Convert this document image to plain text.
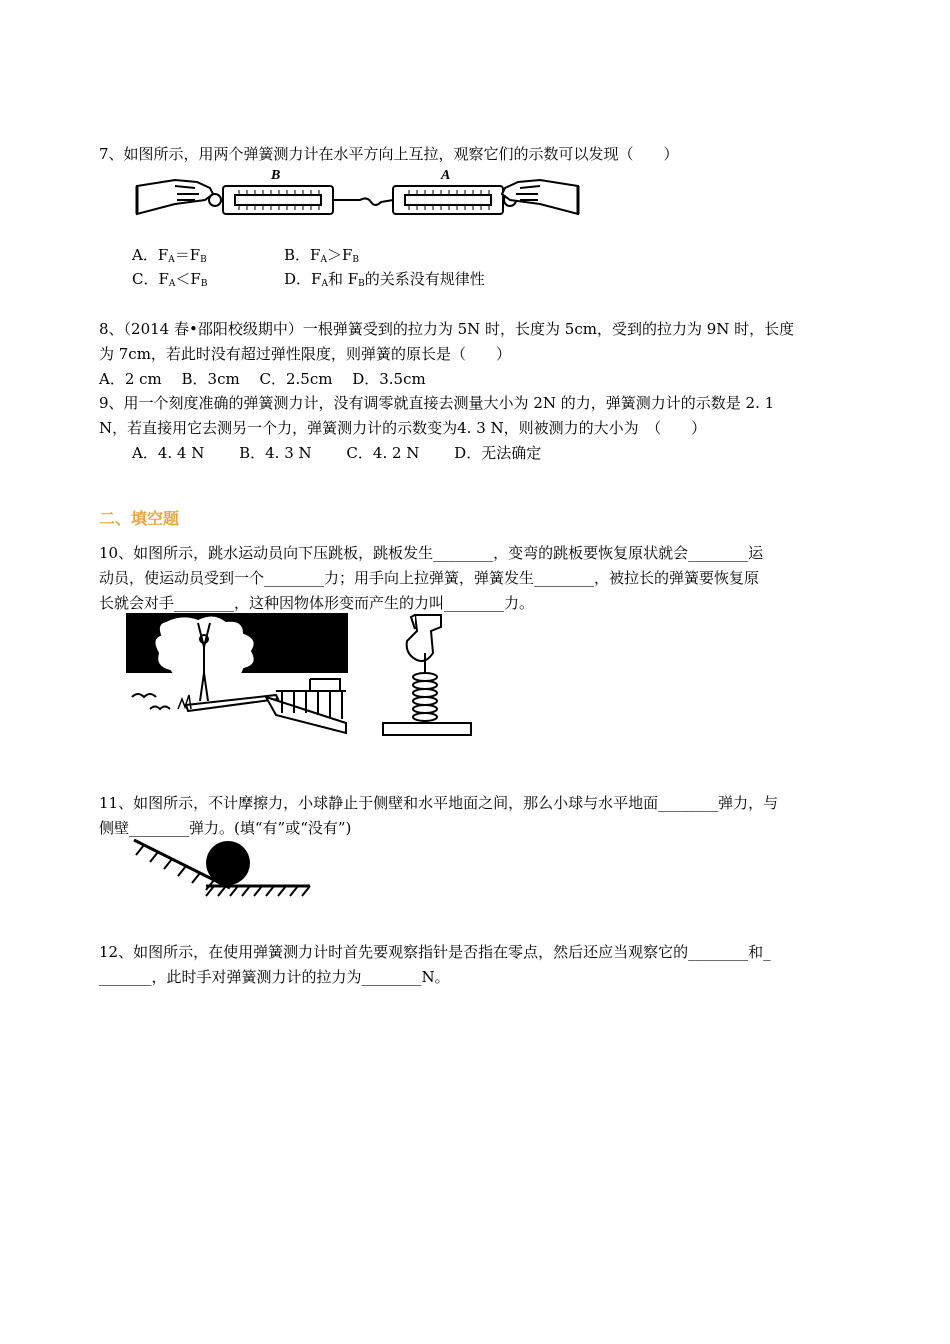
7、如图所示，用两个弹簧测力计在水平方向上互拉，观察它们的示数可以发现（　　）
B	A
A．$F_A=F_B$	B．$F_A>F_B$
C．$F_A<F_B$	D．$F_A$和 $F_B$的关系没有规律性
8、（2014 春•邵阳校级期中）一根弹簧受到的拉力为 5N 时，长度为 5cm，受到的拉力为 9N 时，长度
为 7cm，若此时没有超过弹性限度，则弹簧的原长是（　　）
A．2 cm　 B．3cm　 C．2.5cm　 D．3.5cm
9、用一个刻度准确的弹簧测力计，没有调零就直接去测量大小为 2N 的力，弹簧测力计的示数是 2. 1
N，若直接用它去测另一个力，弹簧测力计的示数变为4. 3 N，则被测力的大小为　（　　）
A．4. 4 N　　 B．4. 3 N　　 C．4. 2 N　　 D．无法确定
二、填空题
10、如图所示，跳水运动员向下压跳板，跳板发生________，变弯的跳板要恢复原状就会________运
动员，使运动员受到一个________力；用手向上拉弹簧，弹簧发生________，被拉长的弹簧要恢复原
长就会对手________，这种因物体形变而产生的力叫________力。
11、如图所示，不计摩擦力，小球静止于侧壁和水平地面之间，那么小球与水平地面________弹力，与
侧壁________弹力。(填“有”或“没有”)
12、如图所示，在使用弹簧测力计时首先要观察指针是否指在零点，然后还应当观察它的________和_
_______，此时手对弹簧测力计的拉力为________N。
